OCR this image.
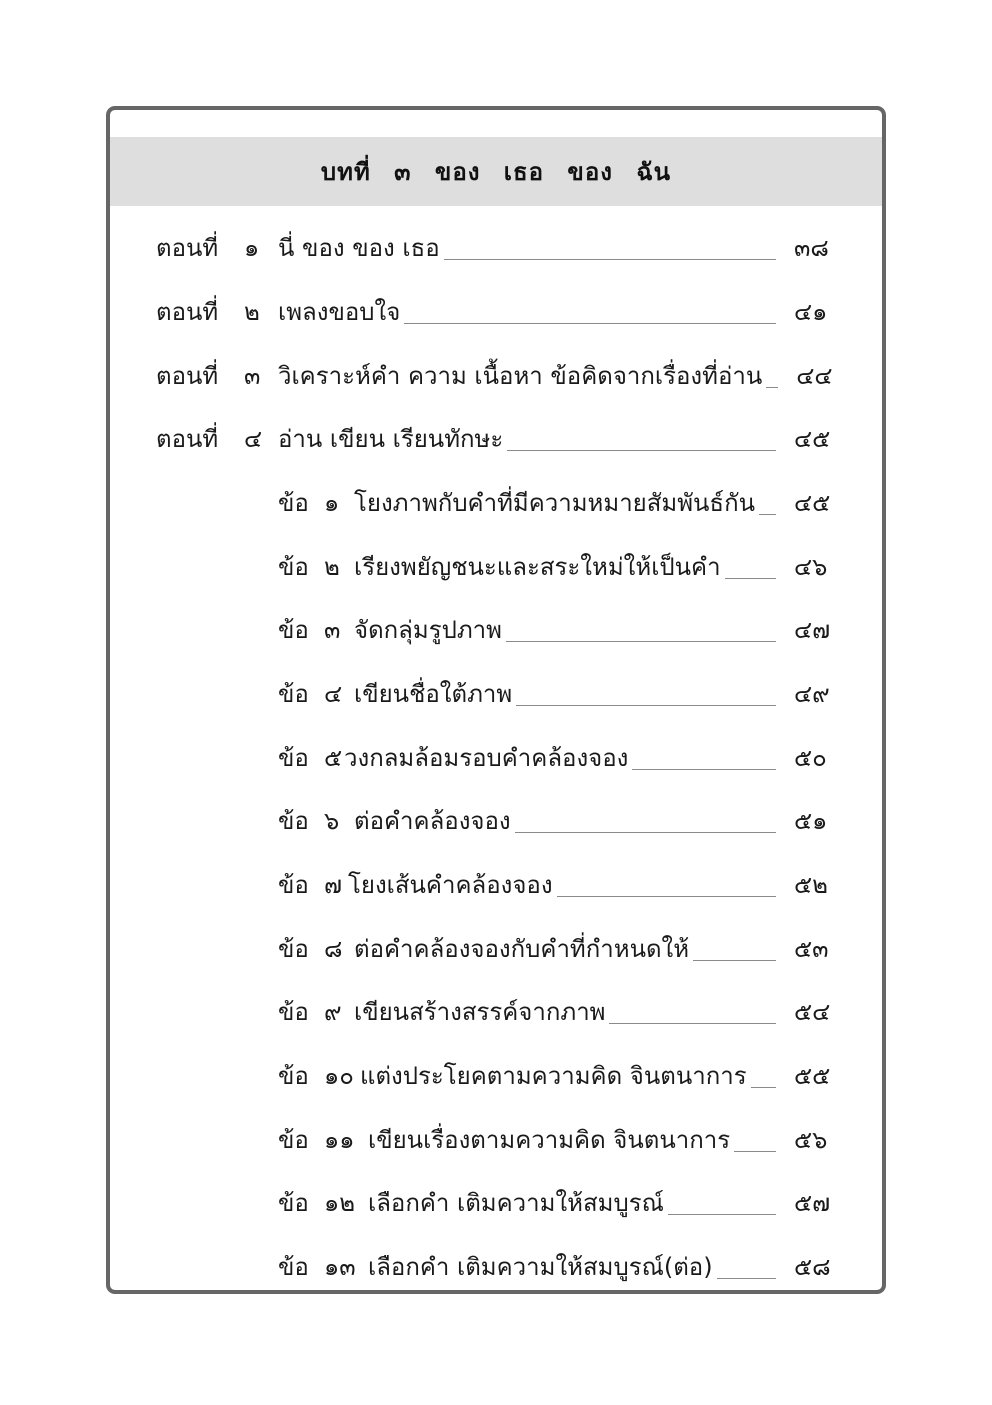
บทที่ ๓ ของ เธอ ของ ฉัน
ตอนที่	๑ นี่ ของ ของ เธอ	๓๘
ตอนที่	๒ เพลงขอบใจ	๔๑
ตอนที่	๓ วิเคราะห์คำ ความ เนื้อหา ข้อคิดจากเรื่องที่อ่าน ๔๔
ตอนที่	๔ อ่าน เขียน เรียนทักษะ	๔๕
ข้อ ๑ โยงภาพกับคำที่มีความหมายสัมพันธ์กัน ๔๕
ข้อ ๒ เรียงพยัญชนะและสระใหม่ให้เป็นคำ	๔๖
ข้อ ๓ จัดกลุ่มรูปภาพ	๔๗
ข้อ ๔ เขียนชื่อใต้ภาพ	๔๙
ข้อ ๕ วงกลมล้อมรอบคำคล้องจอง	๕๐
ข้อ ๖ ต่อคำคล้องจอง	๕๑
ข้อ ๗ โยงเส้นคำคล้องจอง	๕๒
ข้อ ๘ ต่อคำคล้องจองกับคำที่กำหนดให้	๕๓
ข้อ ๙ เขียนสร้างสรรค์จากภาพ	๕๔
ข้อ ๑๐ แต่งประโยคตามความคิด จินตนาการ ๕๕
ข้อ ๑๑ เขียนเรื่องตามความคิด จินตนาการ	๕๖
ข้อ ๑๒ เลือกคำ เติมความให้สมบูรณ์	๕๗
ข้อ ๑๓ เลือกคำ เติมความให้สมบูรณ์(ต่อ)	๕๘
